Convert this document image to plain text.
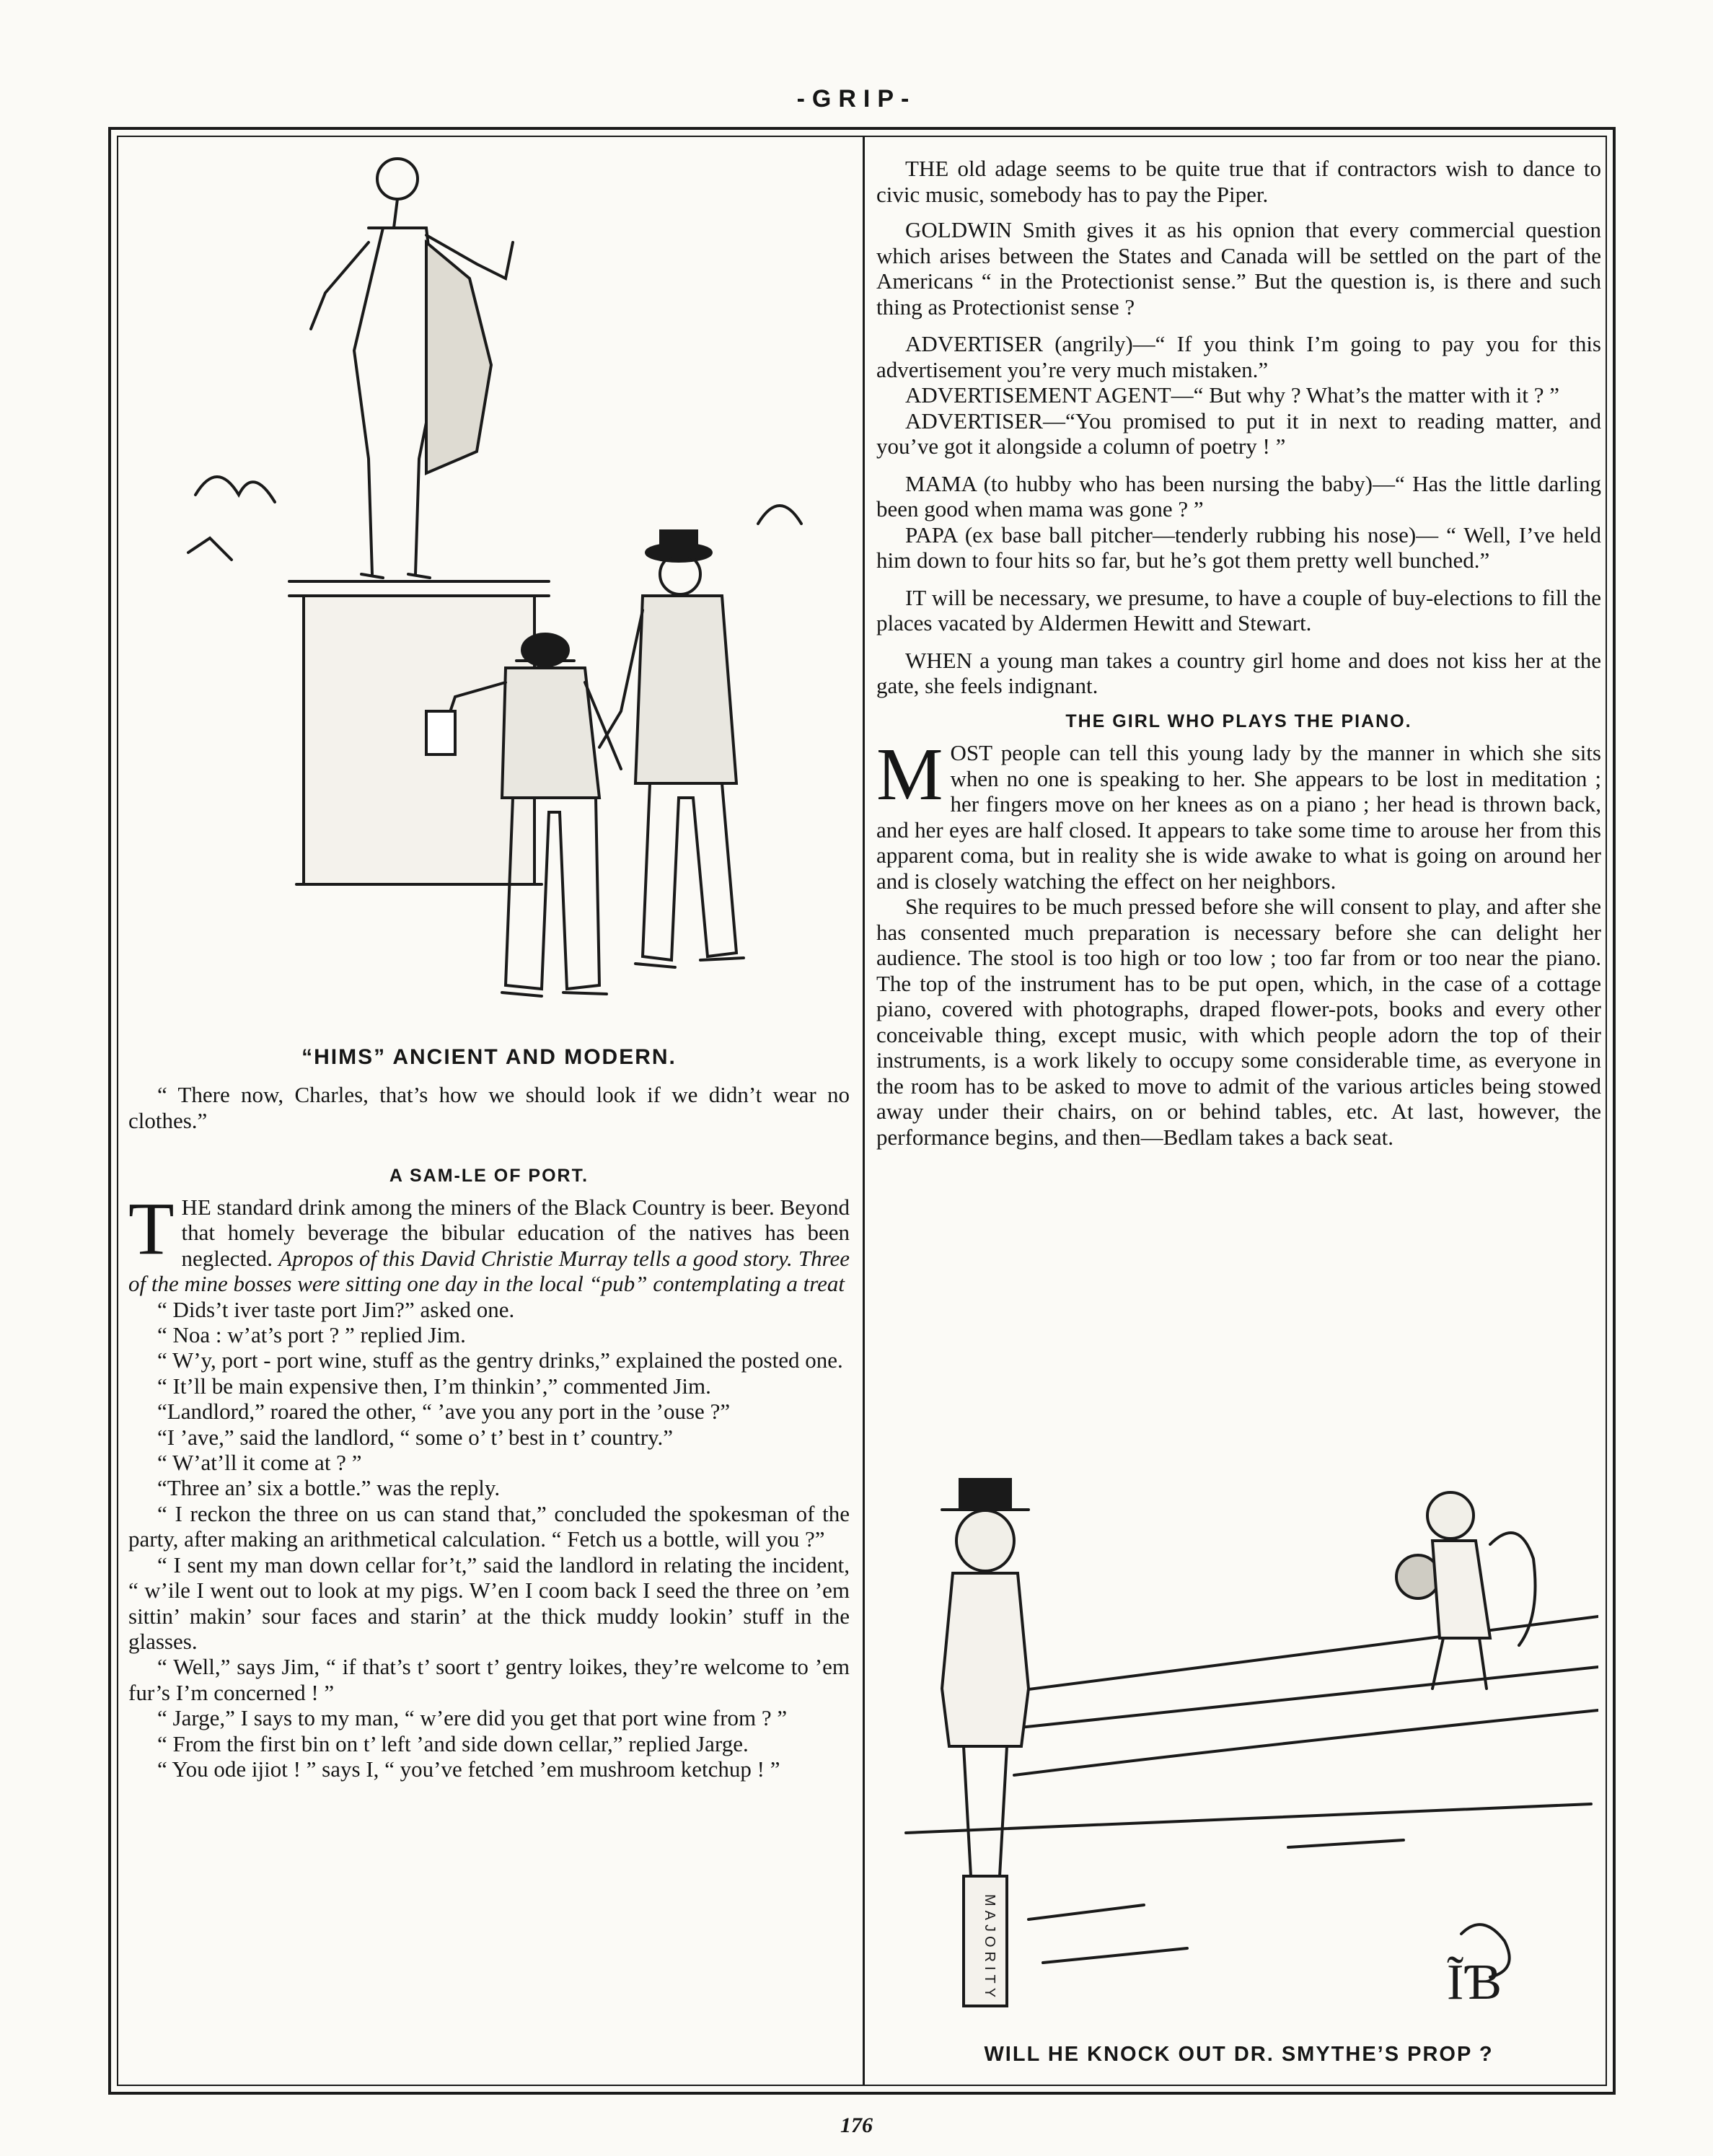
-GRIP-
“HIMS” ANCIENT AND MODERN.

“ There now, Charles, that’s how we should look if we didn’t wear no clothes.”

A SAM-LE OF PORT.

THE standard drink among the miners of the Black Country is beer. Beyond that homely beverage the bibular education of the natives has been neglected. Apropos of this David Christie Murray tells a good story. Three of the mine bosses were sitting one day in the local “pub” contemplating a treat

“ Dids’t iver taste port Jim?” asked one.

“ Noa : w’at’s port ? ” replied Jim.

“ W’y, port - port wine, stuff as the gentry drinks,” explained the posted one.

“ It’ll be main expensive then, I’m thinkin’,” commented Jim.

“Landlord,” roared the other, “ ’ave you any port in the ’ouse ?”

“I ’ave,” said the landlord, “ some o’ t’ best in t’ country.”

“ W’at’ll it come at ? ”

“Three an’ six a bottle.” was the reply.

“ I reckon the three on us can stand that,” concluded the spokesman of the party, after making an arithmetical calculation. “ Fetch us a bottle, will you ?”

“ I sent my man down cellar for’t,” said the landlord in relating the incident, “ w’ile I went out to look at my pigs. W’en I coom back I seed the three on ’em sittin’ makin’ sour faces and starin’ at the thick muddy lookin’ stuff in the glasses.

“ Well,” says Jim, “ if that’s t’ soort t’ gentry loikes, they’re welcome to ’em fur’s I’m concerned ! ”

“ Jarge,” I says to my man, “ w’ere did you get that port wine from ? ”

“ From the first bin on t’ left ’and side down cellar,” replied Jarge.

“ You ode ijiot ! ” says I, “ you’ve fetched ’em mushroom ketchup ! ”

THE old adage seems to be quite true that if contractors wish to dance to civic music, somebody has to pay the Piper.

GOLDWIN Smith gives it as his opnion that every commercial question which arises between the States and Canada will be settled on the part of the Americans “ in the Protectionist sense.” But the question is, is there and such thing as Protectionist sense ?

ADVERTISER (angrily)—“ If you think I’m going to pay you for this advertisement you’re very much mistaken.”

ADVERTISEMENT AGENT—“ But why ? What’s the matter with it ? ”

ADVERTISER—“You promised to put it in next to reading matter, and you’ve got it alongside a column of poetry ! ”

MAMA (to hubby who has been nursing the baby)—“ Has the little darling been good when mama was gone ? ”

PAPA (ex base ball pitcher—tenderly rubbing his nose)— “ Well, I’ve held him down to four hits so far, but he’s got them pretty well bunched.”

IT will be necessary, we presume, to have a couple of buy-elections to fill the places vacated by Aldermen Hewitt and Stewart.

WHEN a young man takes a country girl home and does not kiss her at the gate, she feels indignant.

THE GIRL WHO PLAYS THE PIANO.

MOST people can tell this young lady by the manner in which she sits when no one is speaking to her. She appears to be lost in meditation ; her fingers move on her knees as on a piano ; her head is thrown back, and her eyes are half closed. It appears to take some time to arouse her from this apparent coma, but in reality she is wide awake to what is going on around her and is closely watching the effect on her neighbors.

She requires to be much pressed before she will consent to play, and after she has consented much preparation is necessary before she can delight her audience. The stool is too high or too low ; too far from or too near the piano. The top of the instrument has to be put open, which, in the case of a cottage piano, covered with photographs, draped flower-pots, books and every other conceivable thing, except music, with which people adorn the top of their instruments, is a work likely to occupy some considerable time, as everyone in the room has to be asked to move to admit of the various articles being stowed away under their chairs, on or behind tables, etc. At last, however, the performance begins, and then—Bedlam takes a back seat.

MAJORITY	ĨƁ
WILL HE KNOCK OUT DR. SMYTHE’S PROP ?
176
